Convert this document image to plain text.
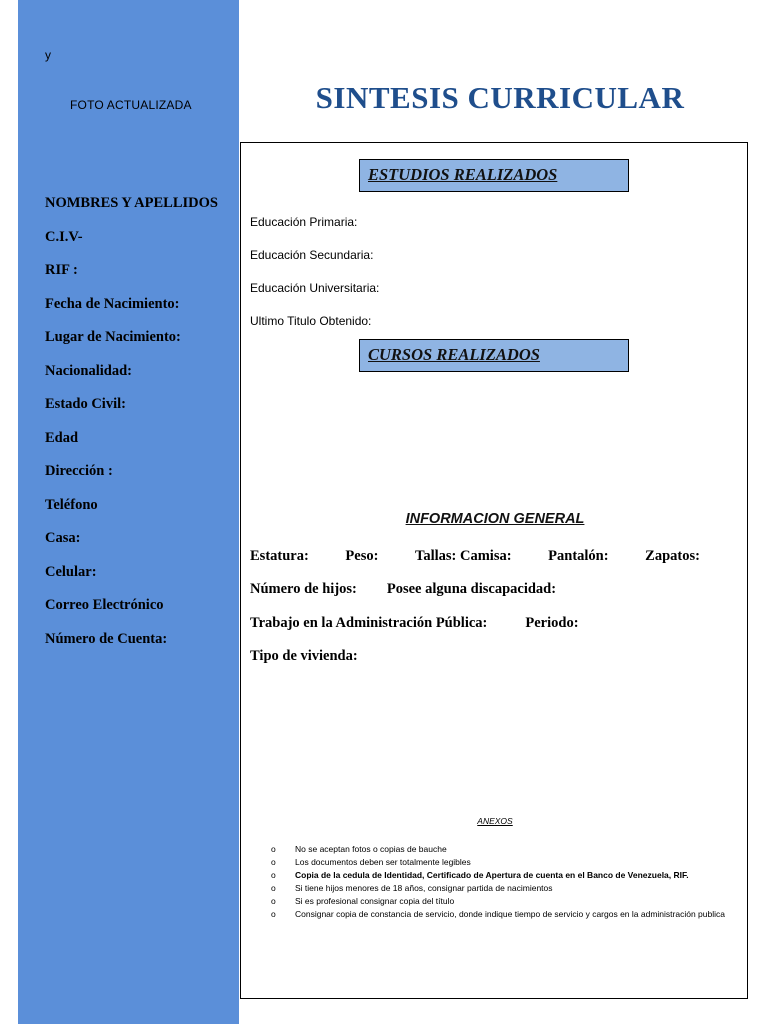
y
FOTO ACTUALIZADA
NOMBRES Y APELLIDOS
C.I.V-
RIF :
Fecha de Nacimiento:
Lugar de Nacimiento:
Nacionalidad:
Estado Civil:
Edad
Dirección :
Teléfono
Casa:
Celular:
Correo Electrónico
Número de Cuenta:
SINTESIS CURRICULAR
ESTUDIOS REALIZADOS
Educación Primaria:
Educación Secundaria:
Educación Universitaria:
Ultimo Titulo Obtenido:
CURSOS REALIZADOS
INFORMACION GENERAL
Estatura:	Peso:	Tallas: Camisa:	Pantalón:	Zapatos:
Número de hijos: Posee alguna discapacidad:
Trabajo en la Administración Pública:	Periodo:
Tipo de vivienda:
ANEXOS
o	No se aceptan fotos o copias de bauche
o	Los documentos deben ser totalmente legibles
o	Copia de la cedula de Identidad, Certificado de Apertura de cuenta en el Banco de Venezuela, RIF.
o	Si tiene hijos menores de 18 años, consignar partida de nacimientos
o	Si es profesional consignar copia del título
o	Consignar copia de constancia de servicio, donde indique tiempo de servicio y cargos en la administración publica
